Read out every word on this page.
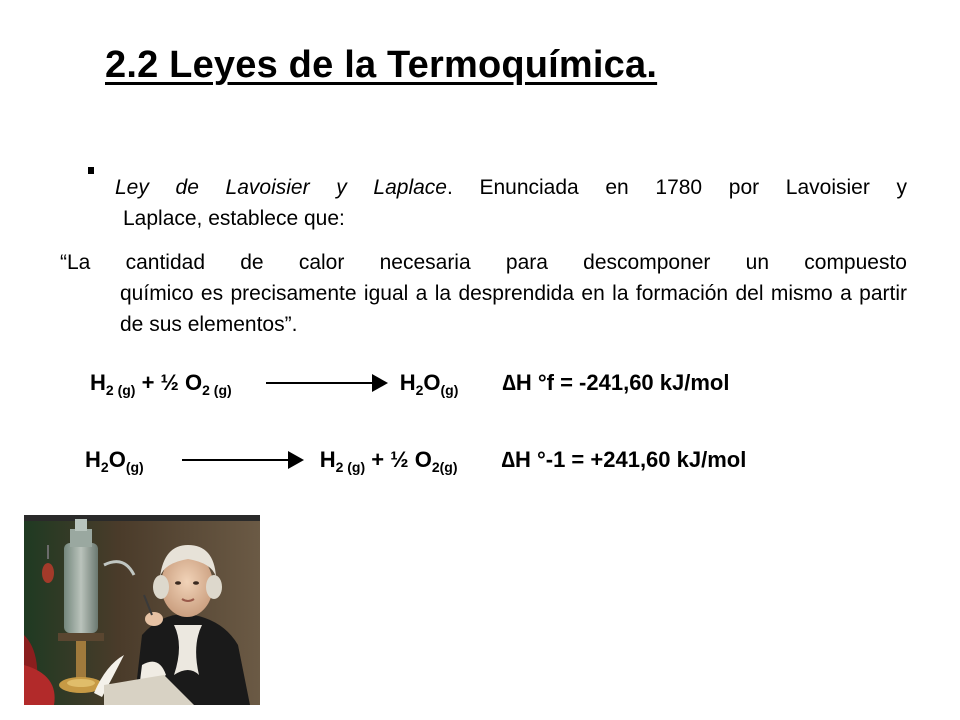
2.2 Leyes de la Termoquímica.
Ley de Lavoisier y Laplace. Enunciada en 1780 por Lavoisier y
Laplace, establece que:
“La cantidad de calor necesaria para descomponer un compuesto
químico es precisamente igual a la desprendida en la formación del mismo a partir de sus elementos”.
$H_{2 (g)}$ + ½ $O_{2 (g)}$	$H_2O_{(g)}$ ∆H °f = -241,60 kJ/mol
$H_2O_{(g)}$	$H_{2 (g)}$ + ½ $O_{2(g)}$ ∆H °-1 = +241,60 kJ/mol
